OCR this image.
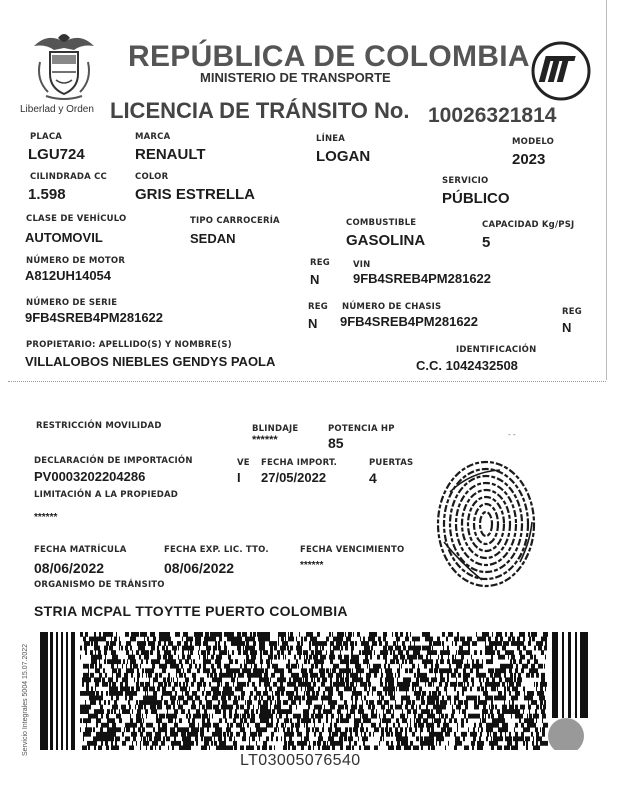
Liberlad y Orden
REPÚBLICA DE COLOMBIA
MINISTERIO DE TRANSPORTE
LICENCIA DE TRÁNSITO No. 10026321814
PLACA
LGU724
MARCA
RENAULT
LÍNEA
LOGAN
MODELO
2023
CILINDRADA CC
1.598
COLOR
GRIS ESTRELLA
SERVICIO
PÚBLICO
CLASE DE VEHÍCULO
AUTOMOVIL
TIPO CARROCERÍA
SEDAN
COMBUSTIBLE
GASOLINA
CAPACIDAD Kg/PSJ
5
NÚMERO DE MOTOR
A812UH14054
REG
N
VIN
9FB4SREB4PM281622
NÚMERO DE SERIE
9FB4SREB4PM281622
REG
N
NÚMERO DE CHASIS
9FB4SREB4PM281622
REG
N
PROPIETARIO: APELLIDO(S) Y NOMBRE(S)
VILLALOBOS NIEBLES GENDYS PAOLA
IDENTIFICACIÓN
C.C. 1042432508
RESTRICCIÓN MOVILIDAD	BLINDAJE
******
POTENCIA HP
85
- -
DECLARACIÓN DE IMPORTACIÓN
PV0003202204286
VE
I
FECHA IMPORT.
27/05/2022
PUERTAS
4
LIMITACIÓN A LA PROPIEDAD
******
FECHA MATRÍCULA
08/06/2022
FECHA EXP. LIC. TTO.
08/06/2022
FECHA VENCIMIENTO
******
ORGANISMO DE TRÁNSITO
STRIA MCPAL TTOYTTE PUERTO COLOMBIA
Servicio Integrales 5004 15.07.2022
LT03005076540
